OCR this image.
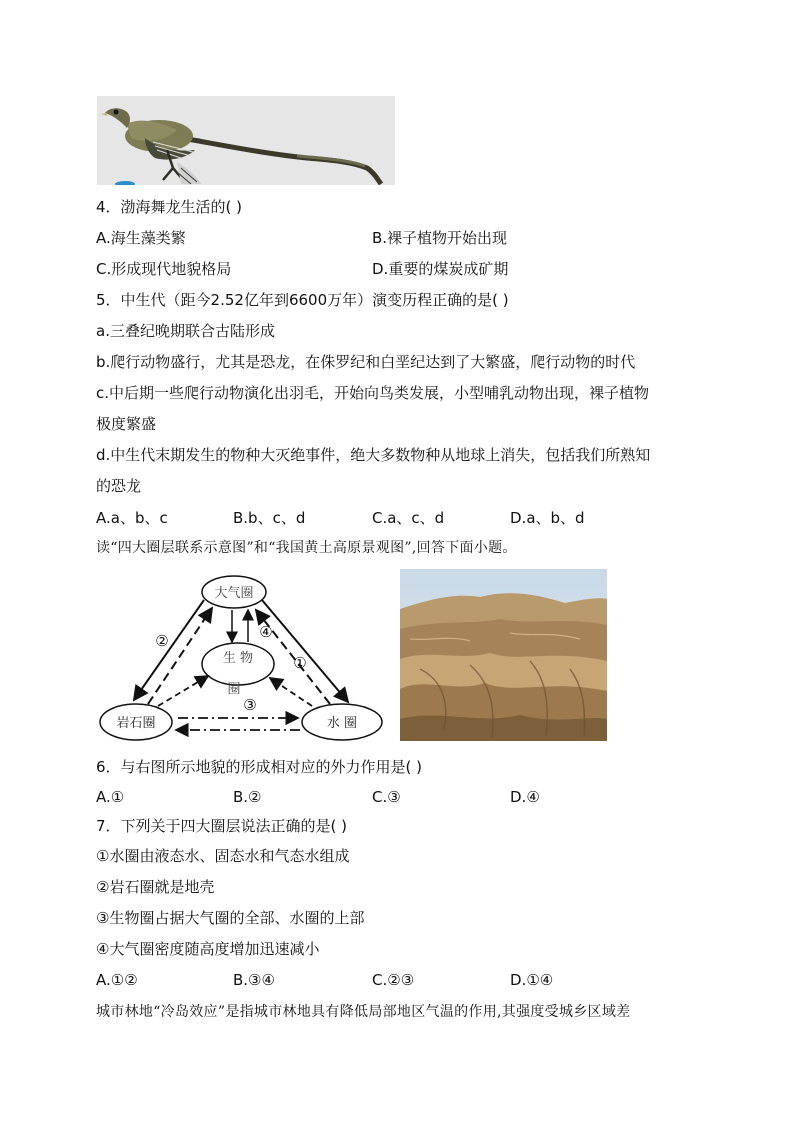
4．渤海舞龙生活的( )
A.海生藻类繁	B.裸子植物开始出现
C.形成现代地貌格局	D.重要的煤炭成矿期
5．中生代（距今2.52亿年到6600万年）演变历程正确的是( )
a.三叠纪晚期联合古陆形成
b.爬行动物盛行，尤其是恐龙，在侏罗纪和白垩纪达到了大繁盛，爬行动物的时代
c.中后期一些爬行动物演化出羽毛，开始向鸟类发展，小型哺乳动物出现，裸子植物
极度繁盛
d.中生代末期发生的物种大灭绝事件，绝大多数物种从地球上消失，包括我们所熟知
的恐龙
A.a、b、c	B.b、c、d	C.a、c、d	D.a、b、d
读“四大圈层联系示意图”和“我国黄土高原景观图”,回答下面小题。
大气圈
生 物
圈
岩石圈	水 圈
②	④
①
③
6．与右图所示地貌的形成相对应的外力作用是( )
A.①	B.②	C.③	D.④
7．下列关于四大圈层说法正确的是( )
①水圈由液态水、固态水和气态水组成
②岩石圈就是地壳
③生物圈占据大气圈的全部、水圈的上部
④大气圈密度随高度增加迅速减小
A.①②	B.③④	C.②③	D.①④
城市林地“冷岛效应”是指城市林地具有降低局部地区气温的作用,其强度受城乡区域差
